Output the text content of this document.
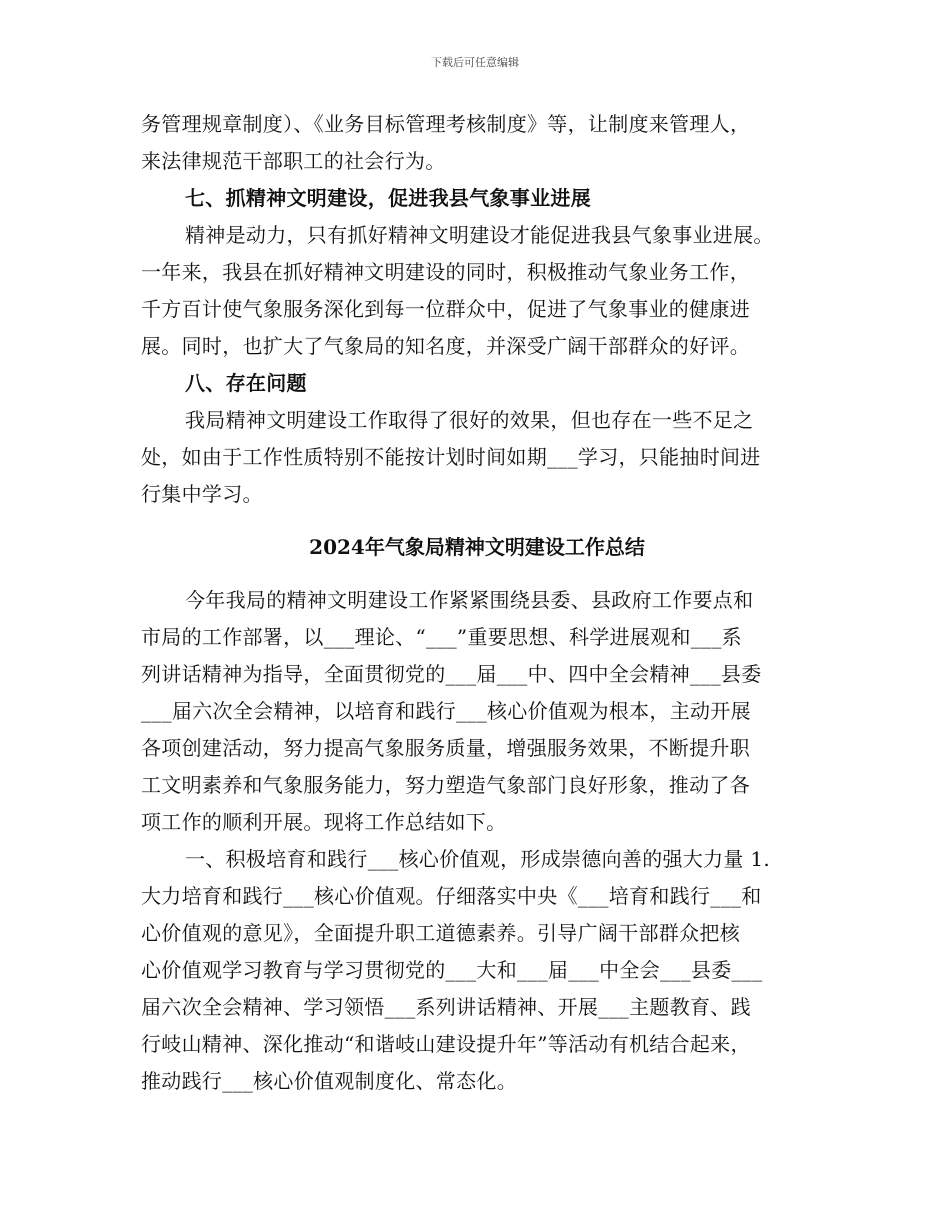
下载后可任意编辑
务管理规章制度）、《业务目标管理考核制度》等，让制度来管理人，
来法律规范干部职工的社会行为。
七、抓精神文明建设，促进我县气象事业进展
精神是动力，只有抓好精神文明建设才能促进我县气象事业进展。
一年来，我县在抓好精神文明建设的同时，积极推动气象业务工作，
千方百计使气象服务深化到每一位群众中，促进了气象事业的健康进
展。同时，也扩大了气象局的知名度，并深受广阔干部群众的好评。
八、存在问题
我局精神文明建设工作取得了很好的效果，但也存在一些不足之
处，如由于工作性质特别不能按计划时间如期___学习，只能抽时间进
行集中学习。
2024年气象局精神文明建设工作总结
今年我局的精神文明建设工作紧紧围绕县委、县政府工作要点和
市局的工作部署，以___理论、“___”重要思想、科学进展观和___系
列讲话精神为指导，全面贯彻党的___届___中、四中全会精神___县委
___届六次全会精神，以培育和践行___核心价值观为根本，主动开展
各项创建活动，努力提高气象服务质量，增强服务效果，不断提升职
工文明素养和气象服务能力，努力塑造气象部门良好形象，推动了各
项工作的顺利开展。现将工作总结如下。
一、积极培育和践行___核心价值观，形成崇德向善的强大力量 1.
大力培育和践行___核心价值观。仔细落实中央《___培育和践行___和
心价值观的意见》，全面提升职工道德素养。引导广阔干部群众把核
心价值观学习教育与学习贯彻党的___大和___届___中全会___县委___
届六次全会精神、学习领悟___系列讲话精神、开展___主题教育、践
行岐山精神、深化推动“和谐岐山建设提升年”等活动有机结合起来，
推动践行___核心价值观制度化、常态化。
